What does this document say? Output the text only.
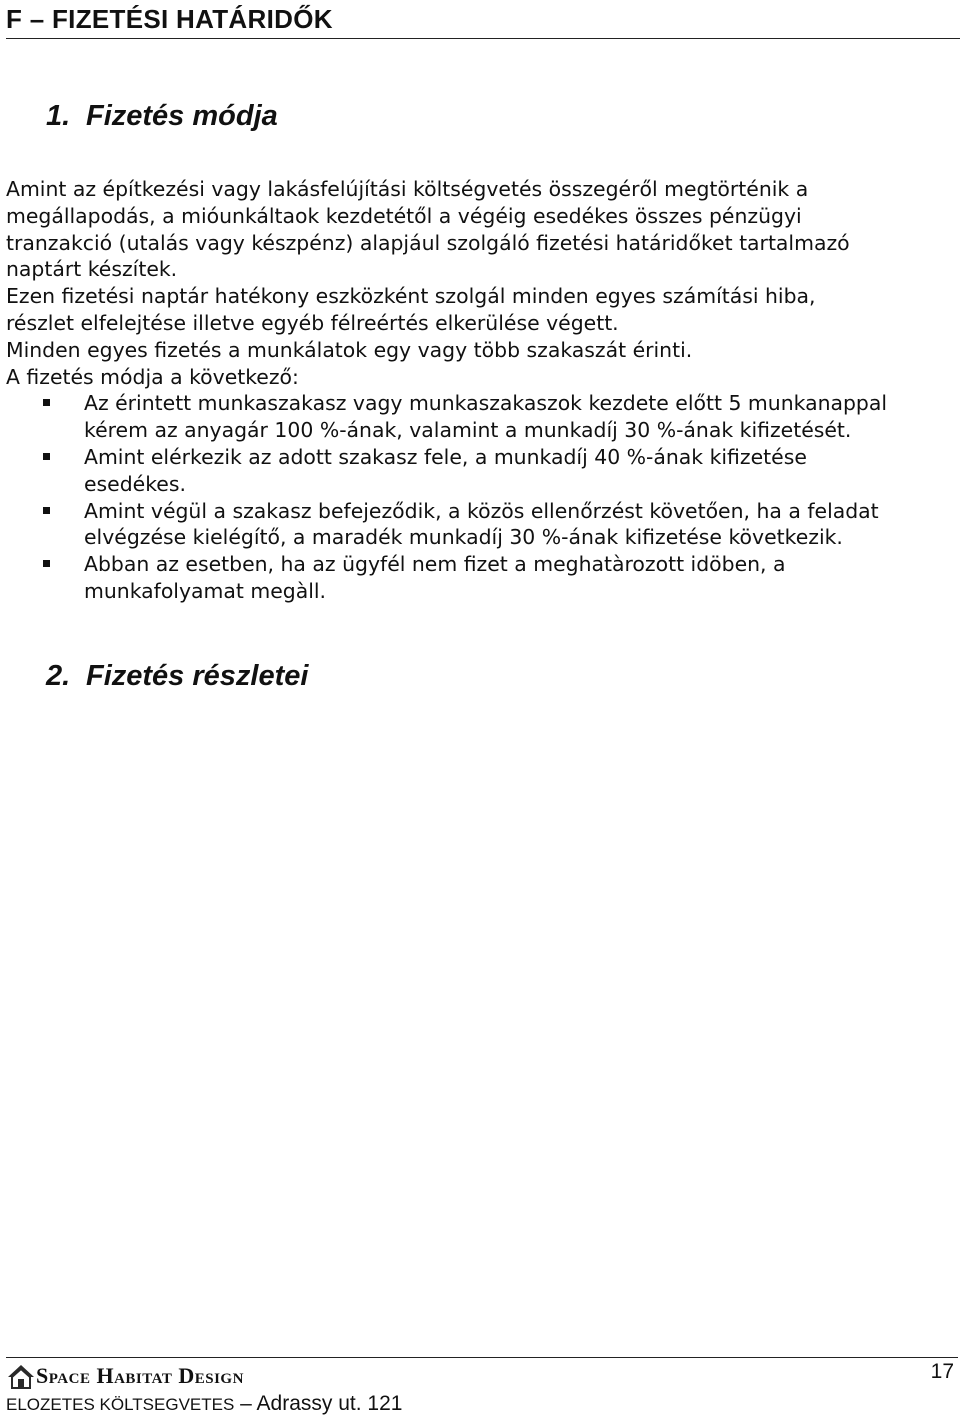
F – FIZETÉSI HATÁRIDŐK
1. Fizetés módja

Amint az építkezési vagy lakásfelújítási költségvetés összegéről megtörténik a

megállapodás, a mióunkáltaok kezdetétől a végéig esedékes összes pénzügyi

tranzakció (utalás vagy készpénz) alapjául szolgáló fizetési határidőket tartalmazó

naptárt készítek.

Ezen fizetési naptár hatékony eszközként szolgál minden egyes számítási hiba,

részlet elfelejtése illetve egyéb félreértés elkerülése végett.

Minden egyes fizetés a munkálatok egy vagy több szakaszát érinti.

A fizetés módja a következő:

Az érintett munkaszakasz vagy munkaszakaszok kezdete előtt 5 munkanappal
kérem az anyagár 100 %-ának, valamint a munkadíj 30 %-ának kifizetését.
Amint elérkezik az adott szakasz fele, a munkadíj 40 %-ának kifizetése
esedékes.
Amint végül a szakasz befejeződik, a közös ellenőrzést követően, ha a feladat
elvégzése kielégítő, a maradék munkadíj 30 %-ának kifizetése következik.
Abban az esetben, ha az ügyfél nem fizet a meghatàrozott idöben, a
munkafolyamat megàll.
2. Fizetés részletei
Space Habitat Design
ELOZETES KÖLTSEGVETES – Adrassy ut. 121
17
